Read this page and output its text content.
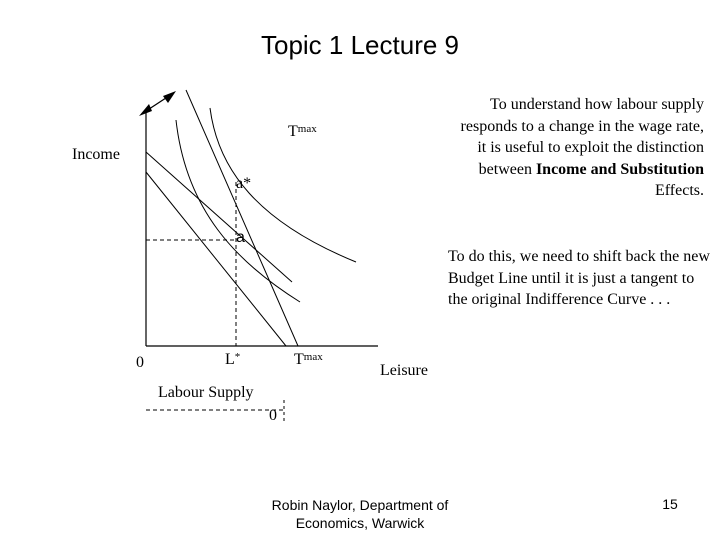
Topic 1 Lecture 9
Income
$T^{max}$
a*
a
0	L*	$T^{max}$
Leisure
Labour Supply
0
To understand how labour supply responds to a change in the wage rate, it is useful to exploit the distinction between Income and Substitution Effects.
To do this, we need to shift back the new Budget Line until it is just a tangent to the original Indifference Curve . . .
Robin Naylor, Department of Economics, Warwick
15
